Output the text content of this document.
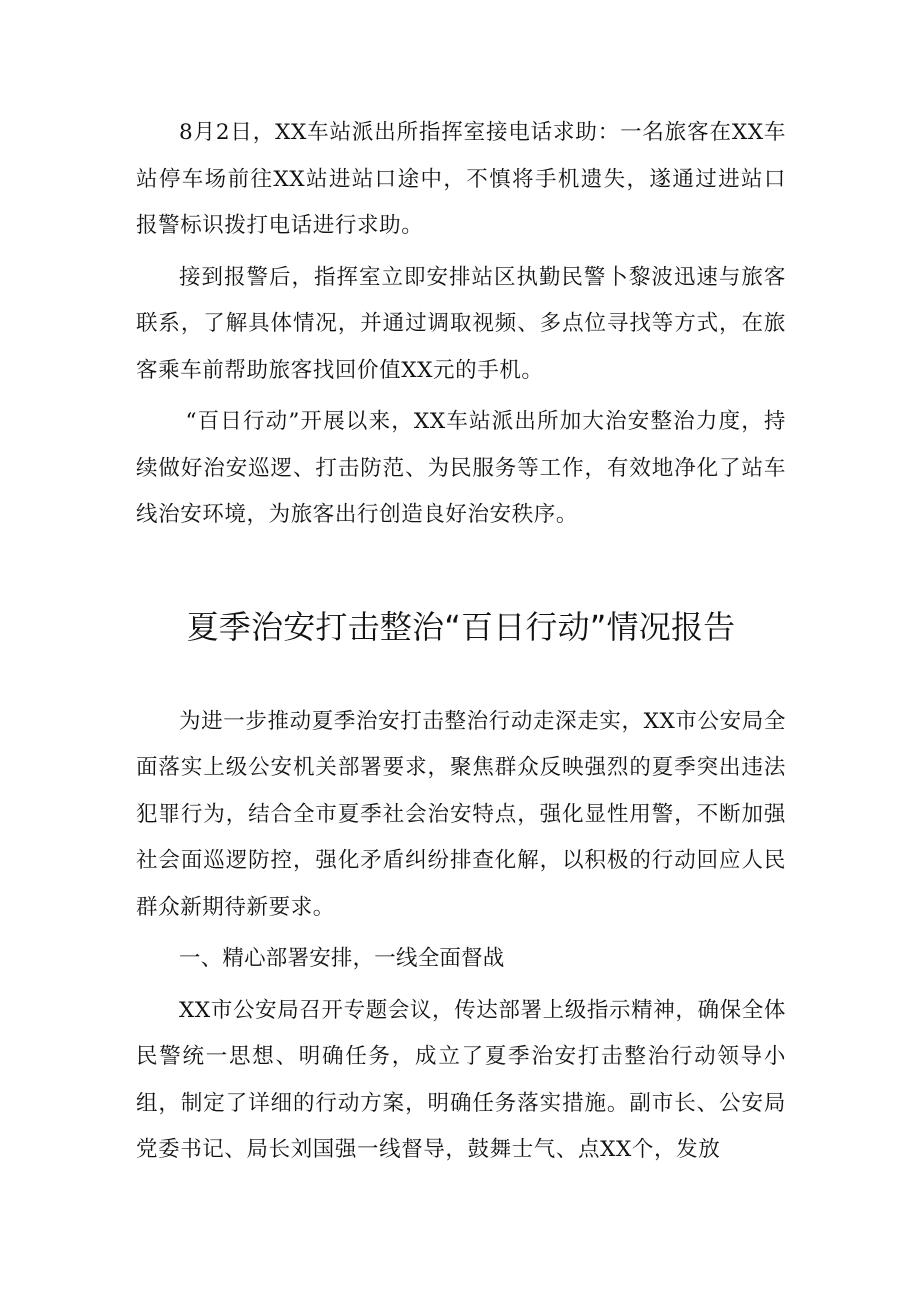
8月2日，XX车站派出所指挥室接电话求助：一名旅客在XX车站停车场前往XX站进站口途中，不慎将手机遗失，遂通过进站口报警标识拨打电话进行求助。

接到报警后，指挥室立即安排站区执勤民警卜黎波迅速与旅客联系，了解具体情况，并通过调取视频、多点位寻找等方式，在旅客乘车前帮助旅客找回价值XX元的手机。

“百日行动”开展以来，XX车站派出所加大治安整治力度，持续做好治安巡逻、打击防范、为民服务等工作，有效地净化了站车线治安环境，为旅客出行创造良好治安秩序。

夏季治安打击整治“百日行动”情况报告

为进一步推动夏季治安打击整治行动走深走实，XX市公安局全面落实上级公安机关部署要求，聚焦群众反映强烈的夏季突出违法犯罪行为，结合全市夏季社会治安特点，强化显性用警，不断加强社会面巡逻防控，强化矛盾纠纷排查化解，以积极的行动回应人民群众新期待新要求。

一、精心部署安排，一线全面督战

XX市公安局召开专题会议，传达部署上级指示精神，确保全体民警统一思想、明确任务，成立了夏季治安打击整治行动领导小组，制定了详细的行动方案，明确任务落实措施。副市长、公安局党委书记、局长刘国强一线督导，鼓舞士气、点XX个，发放
